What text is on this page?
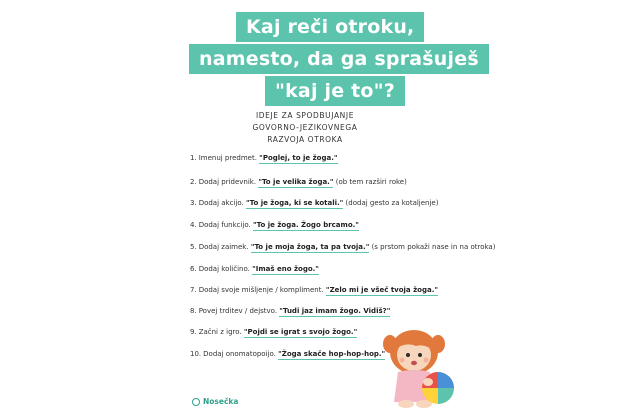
Kaj reči otroku,
namesto, da ga sprašuješ
"kaj je to"?
IDEJE ZA SPODBUJANJE
GOVORNO-JEZIKOVNEGA
RAZVOJA OTROKA
1. Imenuj predmet. "Poglej, to je žoga."
2. Dodaj pridevnik. "To je velika žoga." (ob tem razširi roke)
3. Dodaj akcijo. "To je žoga, ki se kotali." (dodaj gesto za kotaljenje)
4. Dodaj funkcijo. "To je žoga. Žogo brcamo."
5. Dodaj zaimek. "To je moja žoga, ta pa tvoja." (s prstom pokaži nase in na otroka)
6. Dodaj količino. "Imaš eno žogo."
7. Dodaj svoje mišljenje / kompliment. "Zelo mi je všeč tvoja žoga."
8. Povej trditev / dejstvo. "Tudi jaz imam žogo. Vidiš?"
9. Začni z igro. "Pojdi se igrat s svojo žogo."
10. Dodaj onomatopoijo. "Žoga skače hop-hop-hop."
Nosečka
